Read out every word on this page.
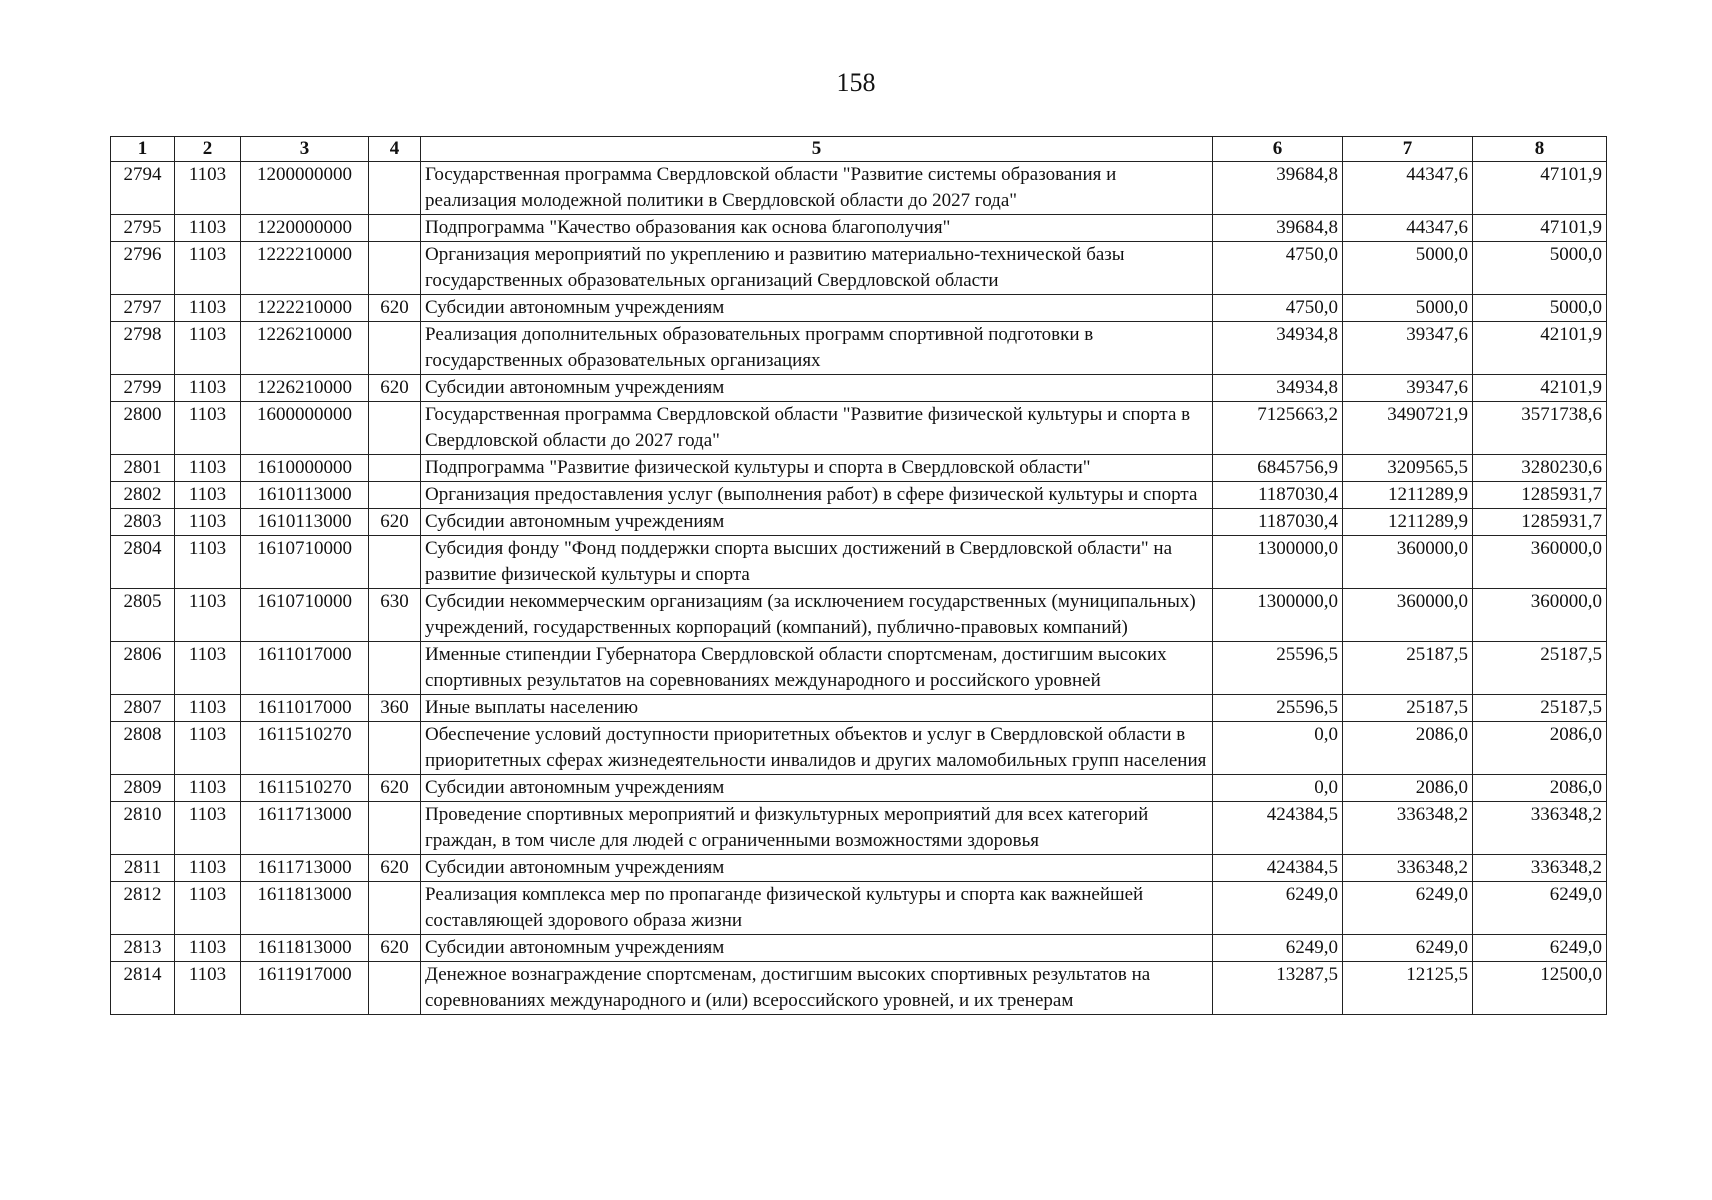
158
1	2	3	4	5	6	7	8
2794	1103	1200000000		Государственная программа Свердловской области "Развитие системы образования и реализация молодежной политики в Свердловской области до 2027 года"	39684,8	44347,6	47101,9
2795	1103	1220000000		Подпрограмма "Качество образования как основа благополучия"	39684,8	44347,6	47101,9
2796	1103	1222210000		Организация мероприятий по укреплению и развитию материально-технической базы государственных образовательных организаций Свердловской области	4750,0	5000,0	5000,0
2797	1103	1222210000	620	Субсидии автономным учреждениям	4750,0	5000,0	5000,0
2798	1103	1226210000		Реализация дополнительных образовательных программ спортивной подготовки в государственных образовательных организациях	34934,8	39347,6	42101,9
2799	1103	1226210000	620	Субсидии автономным учреждениям	34934,8	39347,6	42101,9
2800	1103	1600000000		Государственная программа Свердловской области "Развитие физической культуры и спорта в Свердловской области до 2027 года"	7125663,2	3490721,9	3571738,6
2801	1103	1610000000		Подпрограмма "Развитие физической культуры и спорта в Свердловской области"	6845756,9	3209565,5	3280230,6
2802	1103	1610113000		Организация предоставления услуг (выполнения работ) в сфере физической культуры и спорта	1187030,4	1211289,9	1285931,7
2803	1103	1610113000	620	Субсидии автономным учреждениям	1187030,4	1211289,9	1285931,7
2804	1103	1610710000		Субсидия фонду "Фонд поддержки спорта высших достижений в Свердловской области" на развитие физической культуры и спорта	1300000,0	360000,0	360000,0
2805	1103	1610710000	630	Субсидии некоммерческим организациям (за исключением государственных (муниципальных) учреждений, государственных корпораций (компаний), публично-правовых компаний)	1300000,0	360000,0	360000,0
2806	1103	1611017000		Именные стипендии Губернатора Свердловской области спортсменам, достигшим высоких спортивных результатов на соревнованиях международного и российского уровней	25596,5	25187,5	25187,5
2807	1103	1611017000	360	Иные выплаты населению	25596,5	25187,5	25187,5
2808	1103	1611510270		Обеспечение условий доступности приоритетных объектов и услуг в Свердловской области в приоритетных сферах жизнедеятельности инвалидов и других маломобильных групп населения	0,0	2086,0	2086,0
2809	1103	1611510270	620	Субсидии автономным учреждениям	0,0	2086,0	2086,0
2810	1103	1611713000		Проведение спортивных мероприятий и физкультурных мероприятий для всех категорий граждан, в том числе для людей с ограниченными возможностями здоровья	424384,5	336348,2	336348,2
2811	1103	1611713000	620	Субсидии автономным учреждениям	424384,5	336348,2	336348,2
2812	1103	1611813000		Реализация комплекса мер по пропаганде физической культуры и спорта как важнейшей составляющей здорового образа жизни	6249,0	6249,0	6249,0
2813	1103	1611813000	620	Субсидии автономным учреждениям	6249,0	6249,0	6249,0
2814	1103	1611917000		Денежное вознаграждение спортсменам, достигшим высоких спортивных результатов на соревнованиях международного и (или) всероссийского уровней, и их тренерам	13287,5	12125,5	12500,0
